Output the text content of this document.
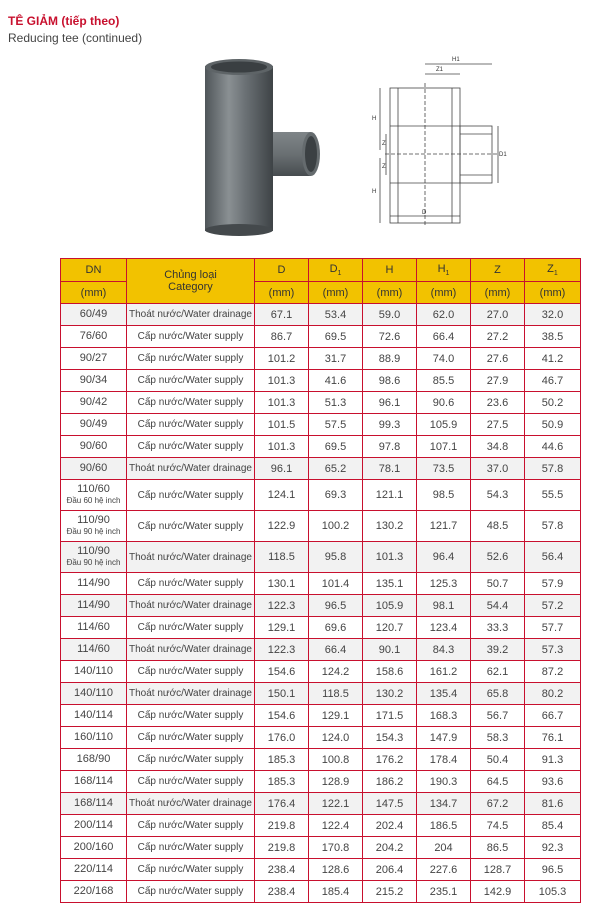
TÊ GIẢM (tiếp theo)
Reducing tee (continued)
H1
Z1
H
H
Z
Z
D1
D
DN	Chủng loại
Category	D	$D_1$	H	$H_1$	Z	$Z_1$
(mm)		(mm)	(mm)	(mm)	(mm)	(mm)	(mm)
60/49	Thoát nước/Water drainage	67.1	53.4	59.0	62.0	27.0	32.0
76/60	Cấp nước/Water supply	86.7	69.5	72.6	66.4	27.2	38.5
90/27	Cấp nước/Water supply	101.2	31.7	88.9	74.0	27.6	41.2
90/34	Cấp nước/Water supply	101.3	41.6	98.6	85.5	27.9	46.7
90/42	Cấp nước/Water supply	101.3	51.3	96.1	90.6	23.6	50.2
90/49	Cấp nước/Water supply	101.5	57.5	99.3	105.9	27.5	50.9
90/60	Cấp nước/Water supply	101.3	69.5	97.8	107.1	34.8	44.6
90/60	Thoát nước/Water drainage	96.1	65.2	78.1	73.5	37.0	57.8
110/60
Đầu 60 hệ inch	Cấp nước/Water supply	124.1	69.3	121.1	98.5	54.3	55.5
110/90
Đầu 90 hệ inch	Cấp nước/Water supply	122.9	100.2	130.2	121.7	48.5	57.8
110/90
Đầu 90 hệ inch	Thoát nước/Water drainage	118.5	95.8	101.3	96.4	52.6	56.4
114/90	Cấp nước/Water supply	130.1	101.4	135.1	125.3	50.7	57.9
114/90	Thoát nước/Water drainage	122.3	96.5	105.9	98.1	54.4	57.2
114/60	Cấp nước/Water supply	129.1	69.6	120.7	123.4	33.3	57.7
114/60	Thoát nước/Water drainage	122.3	66.4	90.1	84.3	39.2	57.3
140/110	Cấp nước/Water supply	154.6	124.2	158.6	161.2	62.1	87.2
140/110	Thoát nước/Water drainage	150.1	118.5	130.2	135.4	65.8	80.2
140/114	Cấp nước/Water supply	154.6	129.1	171.5	168.3	56.7	66.7
160/110	Cấp nước/Water supply	176.0	124.0	154.3	147.9	58.3	76.1
168/90	Cấp nước/Water supply	185.3	100.8	176.2	178.4	50.4	91.3
168/114	Cấp nước/Water supply	185.3	128.9	186.2	190.3	64.5	93.6
168/114	Thoát nước/Water drainage	176.4	122.1	147.5	134.7	67.2	81.6
200/114	Cấp nước/Water supply	219.8	122.4	202.4	186.5	74.5	85.4
200/160	Cấp nước/Water supply	219.8	170.8	204.2	204	86.5	92.3
220/114	Cấp nước/Water supply	238.4	128.6	206.4	227.6	128.7	96.5
220/168	Cấp nước/Water supply	238.4	185.4	215.2	235.1	142.9	105.3
